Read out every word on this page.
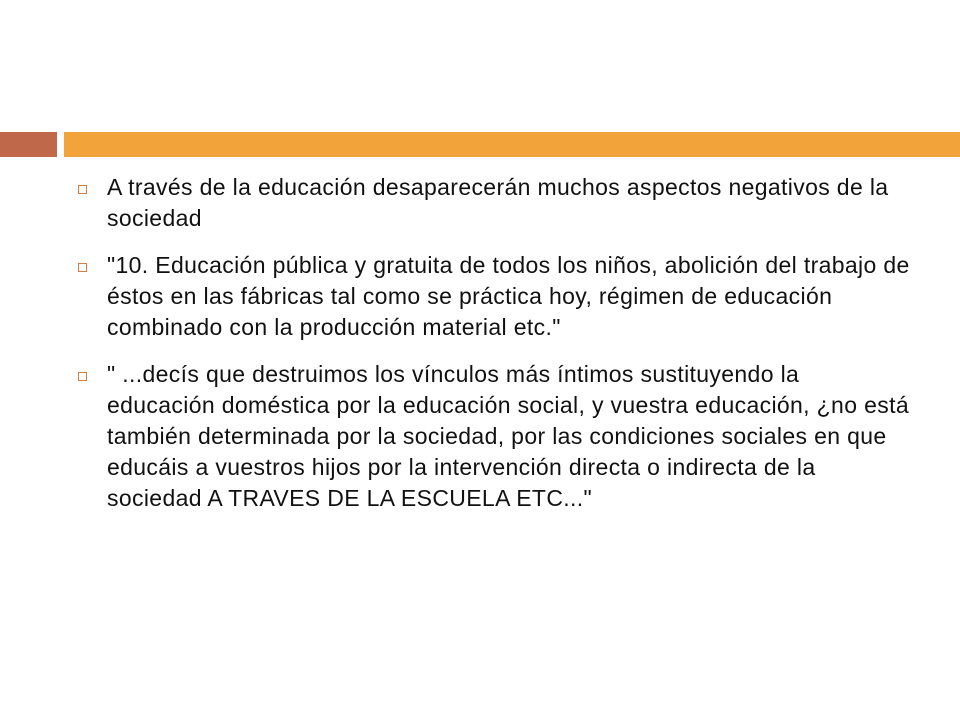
A través de la educación desaparecerán muchos aspectos negativos de la sociedad
"10. Educación pública y gratuita de todos los niños, abolición del trabajo de éstos en las fábricas tal como se práctica hoy, régimen de educación combinado con la producción material etc."
" ...decís que destruimos los vínculos más íntimos sustituyendo la educación doméstica por la educación social, y vuestra educación, ¿no está también determinada por la sociedad, por las condiciones sociales en que educáis a vuestros hijos por la intervención directa o indirecta de la sociedad A TRAVES DE LA ESCUELA ETC..."
